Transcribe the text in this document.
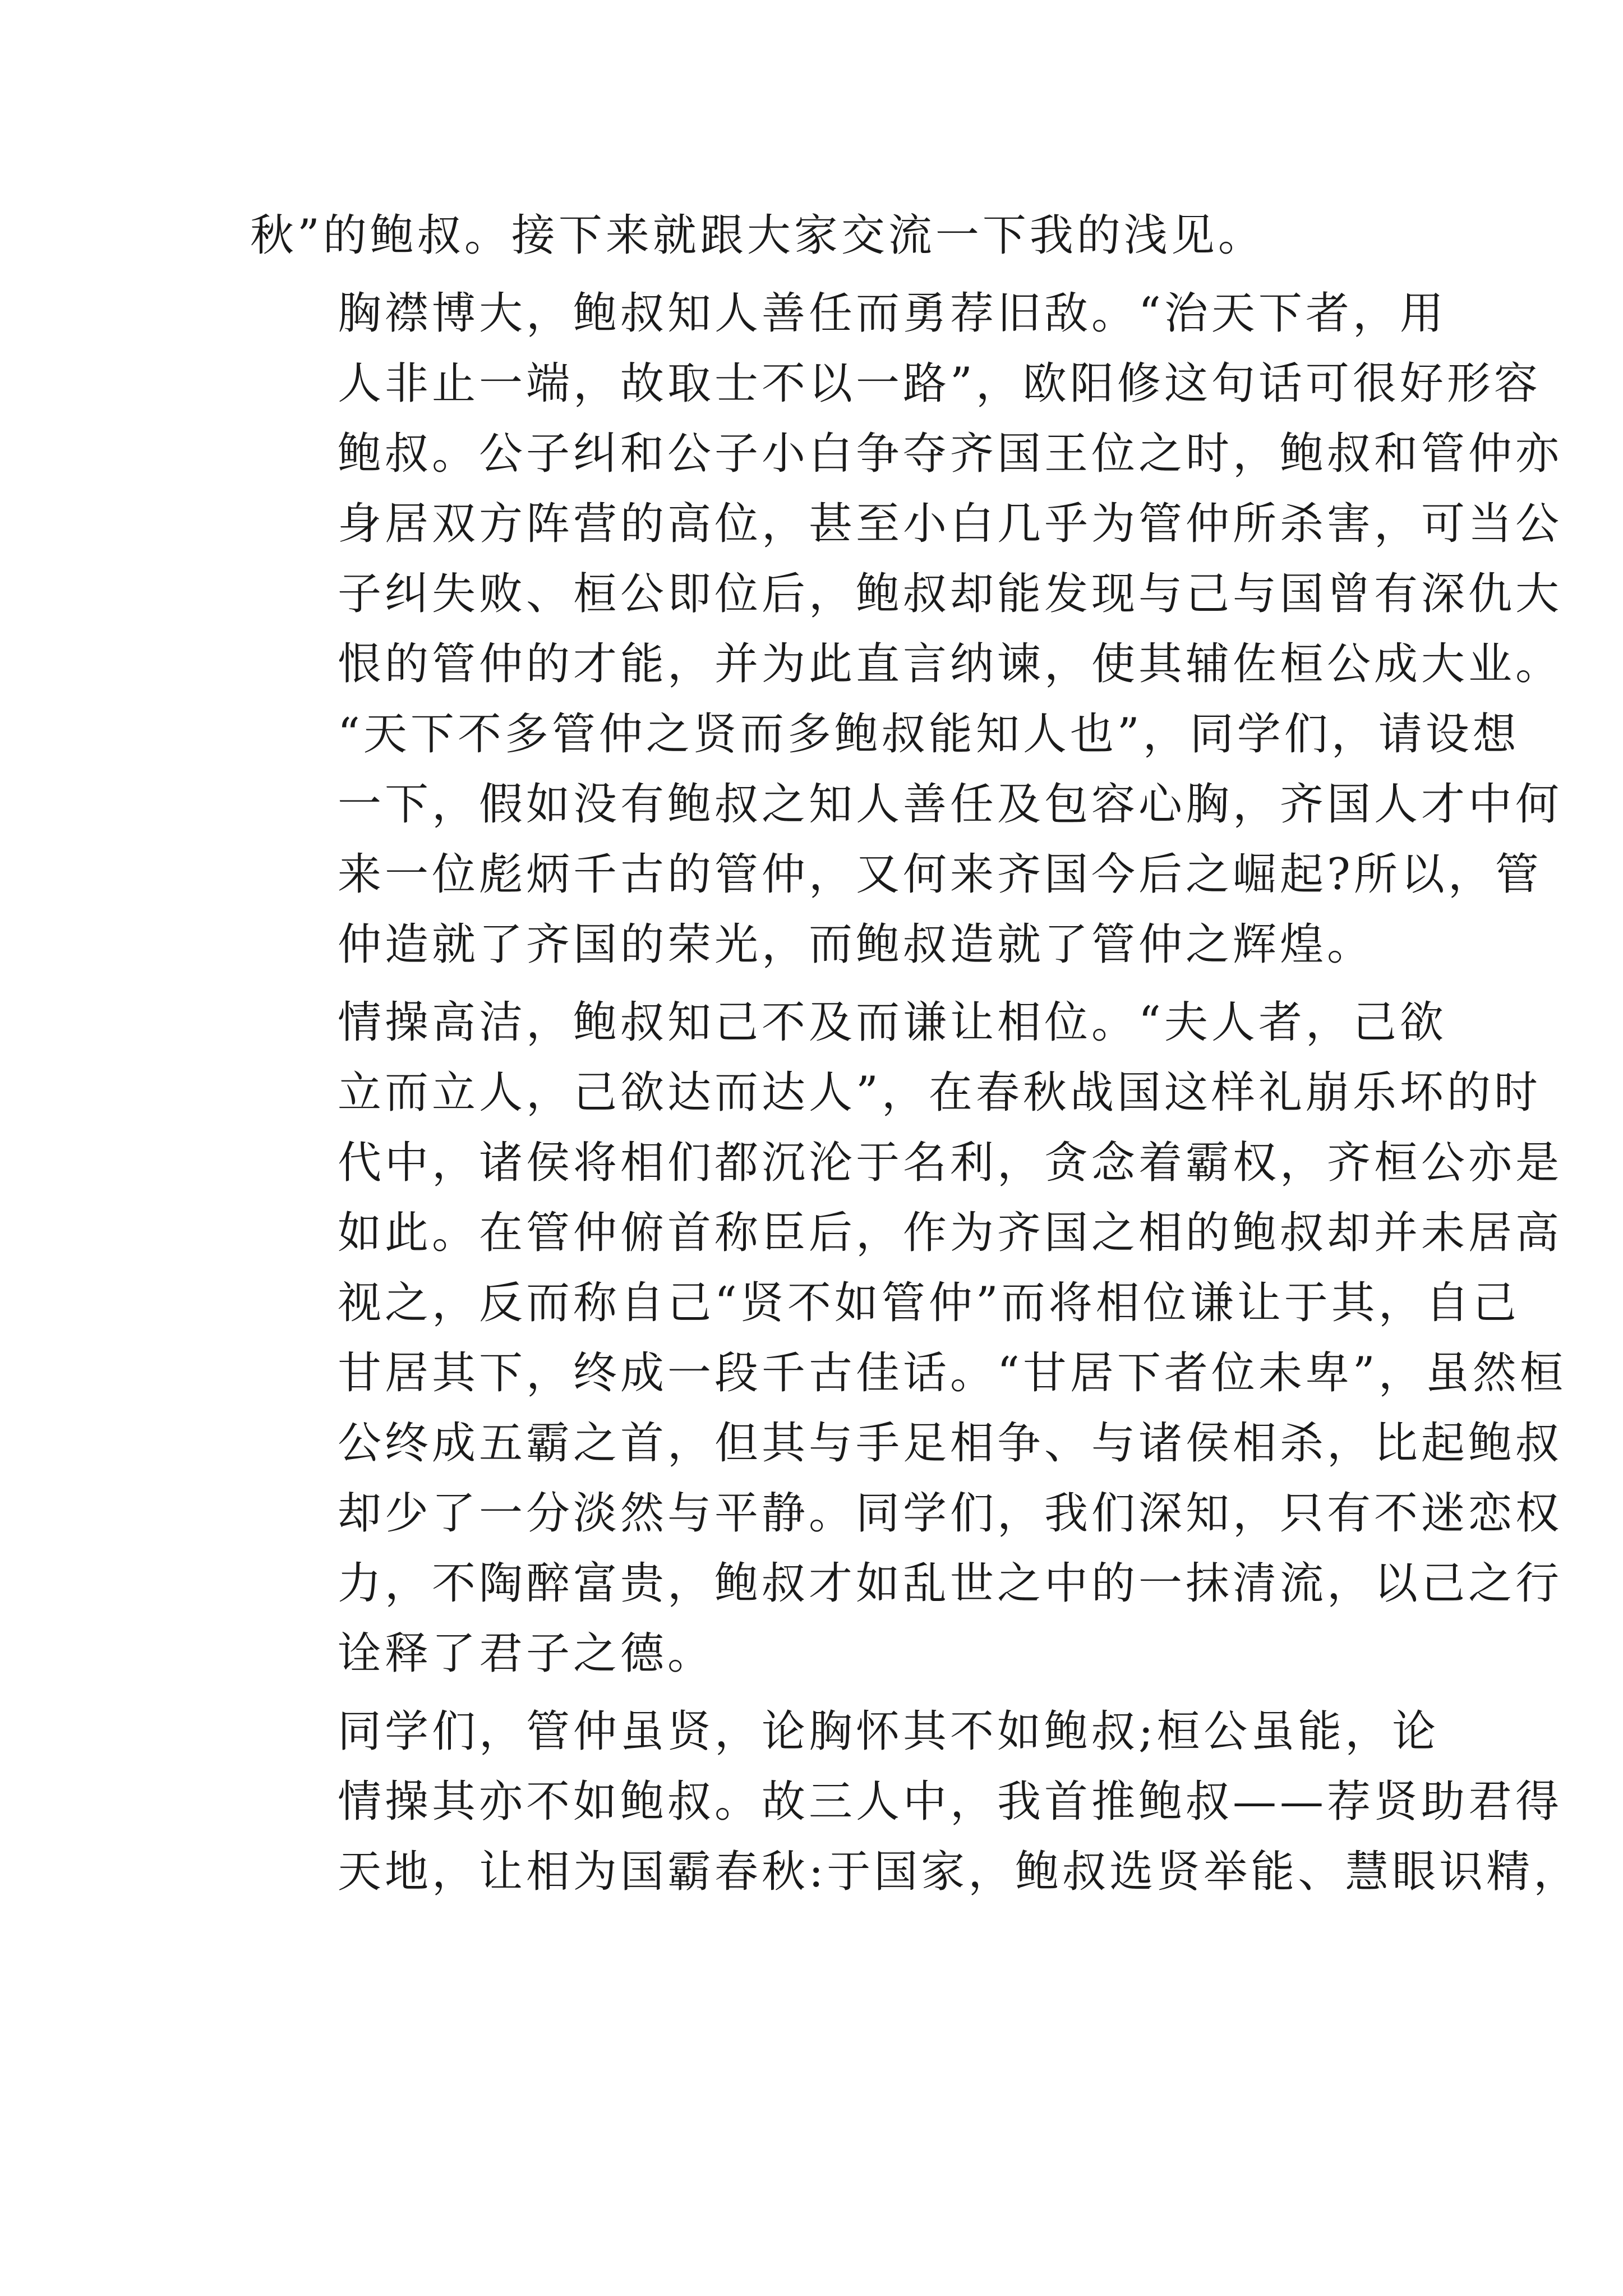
秋”的鲍叔。接下来就跟大家交流一下我的浅见。
胸襟博大，鲍叔知人善任而勇荐旧敌。“治天下者，用
人非止一端，故取士不以一路”，欧阳修这句话可很好形容
鲍叔。公子纠和公子小白争夺齐国王位之时，鲍叔和管仲亦
身居双方阵营的高位，甚至小白几乎为管仲所杀害，可当公
子纠失败、桓公即位后，鲍叔却能发现与己与国曾有深仇大
恨的管仲的才能，并为此直言纳谏，使其辅佐桓公成大业。
“天下不多管仲之贤而多鲍叔能知人也”，同学们，请设想
一下，假如没有鲍叔之知人善任及包容心胸，齐国人才中何
来一位彪炳千古的管仲，又何来齐国今后之崛起?所以，管
仲造就了齐国的荣光，而鲍叔造就了管仲之辉煌。
情操高洁，鲍叔知己不及而谦让相位。“夫人者，己欲
立而立人，己欲达而达人”，在春秋战国这样礼崩乐坏的时
代中，诸侯将相们都沉沦于名利，贪念着霸权，齐桓公亦是
如此。在管仲俯首称臣后，作为齐国之相的鲍叔却并未居高
视之，反而称自己“贤不如管仲”而将相位谦让于其，自己
甘居其下，终成一段千古佳话。“甘居下者位未卑”，虽然桓
公终成五霸之首，但其与手足相争、与诸侯相杀，比起鲍叔
却少了一分淡然与平静。同学们，我们深知，只有不迷恋权
力，不陶醉富贵，鲍叔才如乱世之中的一抹清流，以己之行
诠释了君子之德。
同学们，管仲虽贤，论胸怀其不如鲍叔;桓公虽能，论
情操其亦不如鲍叔。故三人中，我首推鲍叔——荐贤助君得
天地，让相为国霸春秋:于国家，鲍叔选贤举能、慧眼识精，
